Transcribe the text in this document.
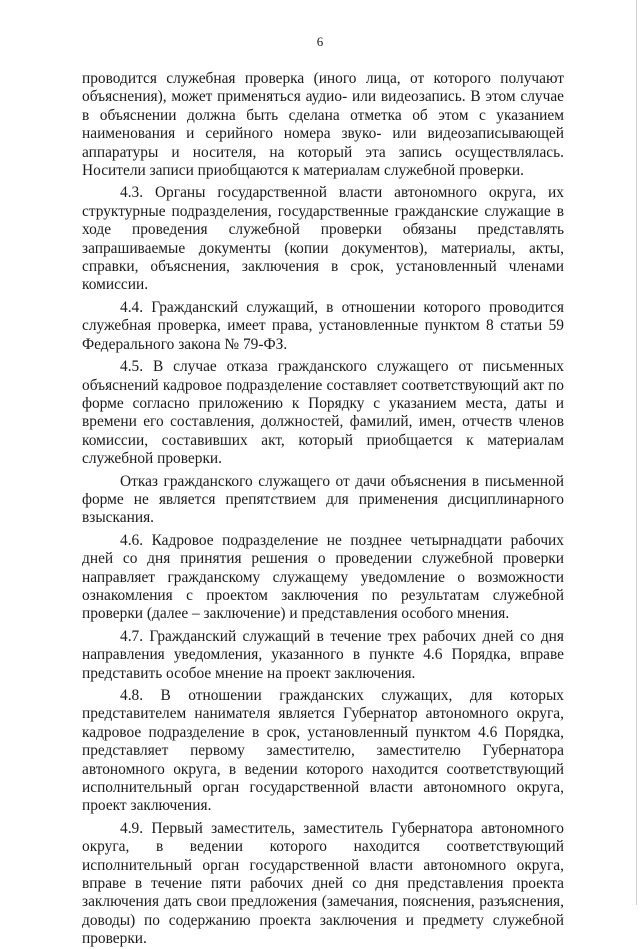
6

проводится служебная проверка (иного лица, от которого получают объяснения), может применяться аудио- или видеозапись. В этом случае в объяснении должна быть сделана отметка об этом с указанием наименования и серийного номера звуко- или видеозаписывающей аппаратуры и носителя, на который эта запись осуществлялась. Носители записи приобщаются к материалам служебной проверки.

4.3. Органы государственной власти автономного округа, их структурные подразделения, государственные гражданские служащие в ходе проведения служебной проверки обязаны представлять запрашиваемые документы (копии документов), материалы, акты, справки, объяснения, заключения в срок, установленный членами комиссии.

4.4. Гражданский служащий, в отношении которого проводится служебная проверка, имеет права, установленные пунктом 8 статьи 59 Федерального закона № 79-ФЗ.

4.5. В случае отказа гражданского служащего от письменных объяснений кадровое подразделение составляет соответствующий акт по форме согласно приложению к Порядку с указанием места, даты и времени его составления, должностей, фамилий, имен, отчеств членов комиссии, составивших акт, который приобщается к материалам служебной проверки.

Отказ гражданского служащего от дачи объяснения в письменной форме не является препятствием для применения дисциплинарного взыскания.

4.6. Кадровое подразделение не позднее четырнадцати рабочих дней со дня принятия решения о проведении служебной проверки направляет гражданскому служащему уведомление о возможности ознакомления с проектом заключения по результатам служебной проверки (далее – заключение) и представления особого мнения.

4.7. Гражданский служащий в течение трех рабочих дней со дня направления уведомления, указанного в пункте 4.6 Порядка, вправе представить особое мнение на проект заключения.

4.8. В отношении гражданских служащих, для которых представителем нанимателя является Губернатор автономного округа, кадровое подразделение в срок, установленный пунктом 4.6 Порядка, представляет первому заместителю, заместителю Губернатора автономного округа, в ведении которого находится соответствующий исполнительный орган государственной власти автономного округа, проект заключения.

4.9. Первый заместитель, заместитель Губернатора автономного округа, в ведении которого находится соответствующий исполнительный орган государственной власти автономного округа, вправе в течение пяти рабочих дней со дня представления проекта заключения дать свои предложения (замечания, пояснения, разъяснения, доводы) по содержанию проекта заключения и предмету служебной проверки.
